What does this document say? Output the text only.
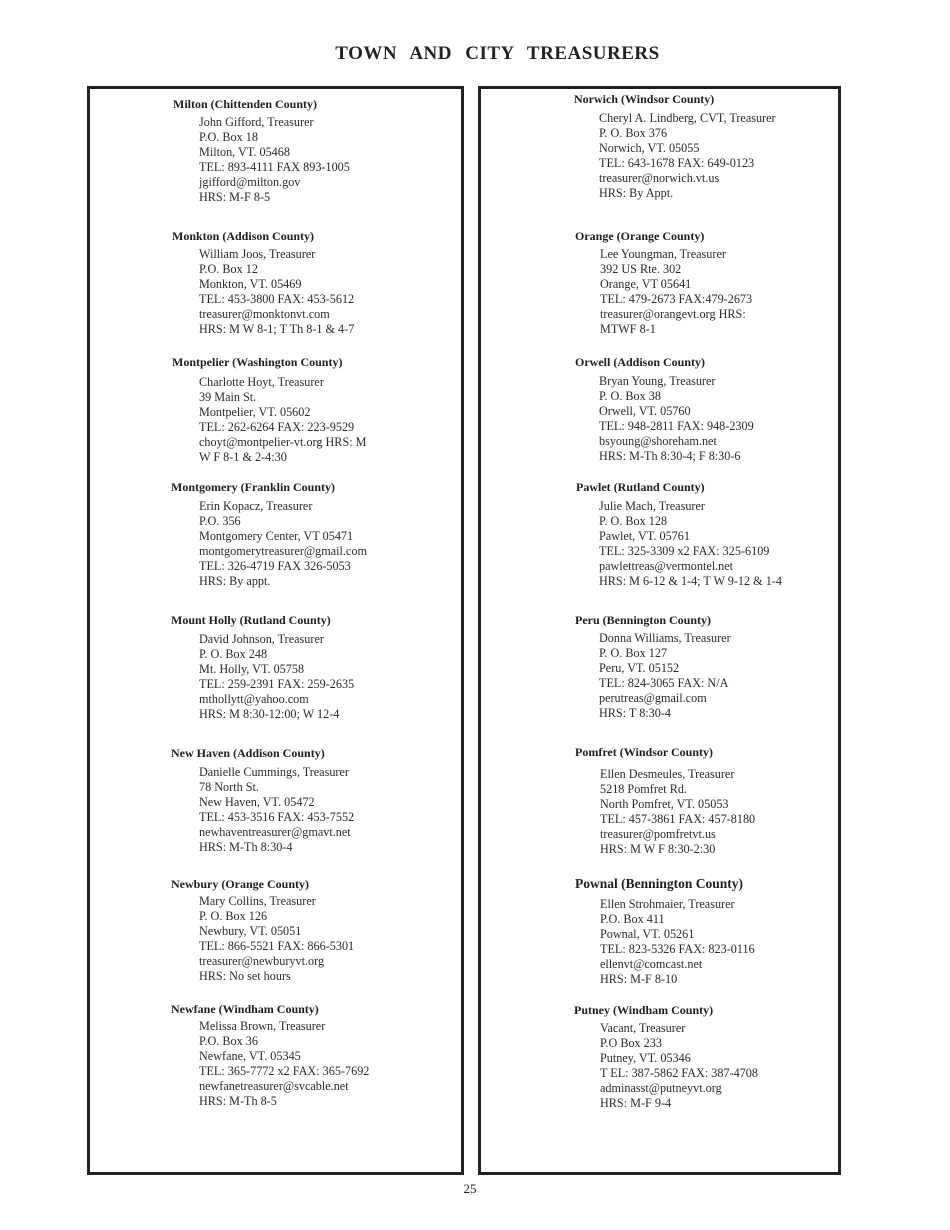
TOWN AND CITY TREASURERS
Milton (Chittenden County)
John Gifford, Treasurer
P.O. Box 18
Milton, VT. 05468
TEL: 893-4111 FAX 893-1005
jgifford@milton.gov
HRS: M-F 8-5
Monkton (Addison County)
William Joos, Treasurer
P.O. Box 12
Monkton, VT. 05469
TEL: 453-3800 FAX: 453-5612
treasurer@monktonvt.com
HRS: M W 8-1; T Th 8-1 & 4-7
Montpelier (Washington County)
Charlotte Hoyt, Treasurer
39 Main St.
Montpelier, VT. 05602
TEL: 262-6264 FAX: 223-9529
choyt@montpelier-vt.org HRS: M
W F 8-1 & 2-4:30
Montgomery (Franklin County)
Erin Kopacz, Treasurer
P.O. 356
Montgomery Center, VT 05471
montgomerytreasurer@gmail.com
TEL: 326-4719 FAX 326-5053
HRS: By appt.
Mount Holly (Rutland County)
David Johnson, Treasurer
P. O. Box 248
Mt. Holly, VT. 05758
TEL: 259-2391 FAX: 259-2635
mthollytt@yahoo.com
HRS: M 8:30-12:00; W 12-4
New Haven (Addison County)
Danielle Cummings, Treasurer
78 North St.
New Haven, VT. 05472
TEL: 453-3516 FAX: 453-7552
newhaventreasurer@gmavt.net
HRS: M-Th 8:30-4
Newbury (Orange County)
Mary Collins, Treasurer
P. O. Box 126
Newbury, VT. 05051
TEL: 866-5521 FAX: 866-5301
treasurer@newburyvt.org
HRS: No set hours
Newfane (Windham County)
Melissa Brown, Treasurer
P.O. Box 36
Newfane, VT. 05345
TEL: 365-7772 x2 FAX: 365-7692
newfanetreasurer@svcable.net
HRS: M-Th 8-5
Norwich (Windsor County)
Cheryl A. Lindberg, CVT, Treasurer
P. O. Box 376
Norwich, VT. 05055
TEL: 643-1678 FAX: 649-0123
treasurer@norwich.vt.us
HRS: By Appt.
Orange (Orange County)
Lee Youngman, Treasurer
392 US Rte. 302
Orange, VT 05641
TEL: 479-2673 FAX:479-2673
treasurer@orangevt.org HRS:
MTWF 8-1
Orwell (Addison County)
Bryan Young, Treasurer
P. O. Box 38
Orwell, VT. 05760
TEL: 948-2811 FAX: 948-2309
bsyoung@shoreham.net
HRS: M-Th 8:30-4; F 8:30-6
Pawlet (Rutland County)
Julie Mach, Treasurer
P. O. Box 128
Pawlet, VT. 05761
TEL: 325-3309 x2 FAX: 325-6109
pawlettreas@vermontel.net
HRS: M 6-12 & 1-4; T W 9-12 & 1-4
Peru (Bennington County)
Donna Williams, Treasurer
P. O. Box 127
Peru, VT. 05152
TEL: 824-3065 FAX: N/A
perutreas@gmail.com
HRS: T 8:30-4
Pomfret (Windsor County)
Ellen Desmeules, Treasurer
5218 Pomfret Rd.
North Pomfret, VT. 05053
TEL: 457-3861 FAX: 457-8180
treasurer@pomfretvt.us
HRS: M W F 8:30-2:30
Pownal (Bennington County)
Ellen Strohmaier, Treasurer
P.O. Box 411
Pownal, VT. 05261
TEL: 823-5326 FAX: 823-0116
ellenvt@comcast.net
HRS: M-F 8-10
Putney (Windham County)
Vacant, Treasurer
P.O Box 233
Putney, VT. 05346
T EL: 387-5862 FAX: 387-4708
adminasst@putneyvt.org
HRS: M-F 9-4
25
